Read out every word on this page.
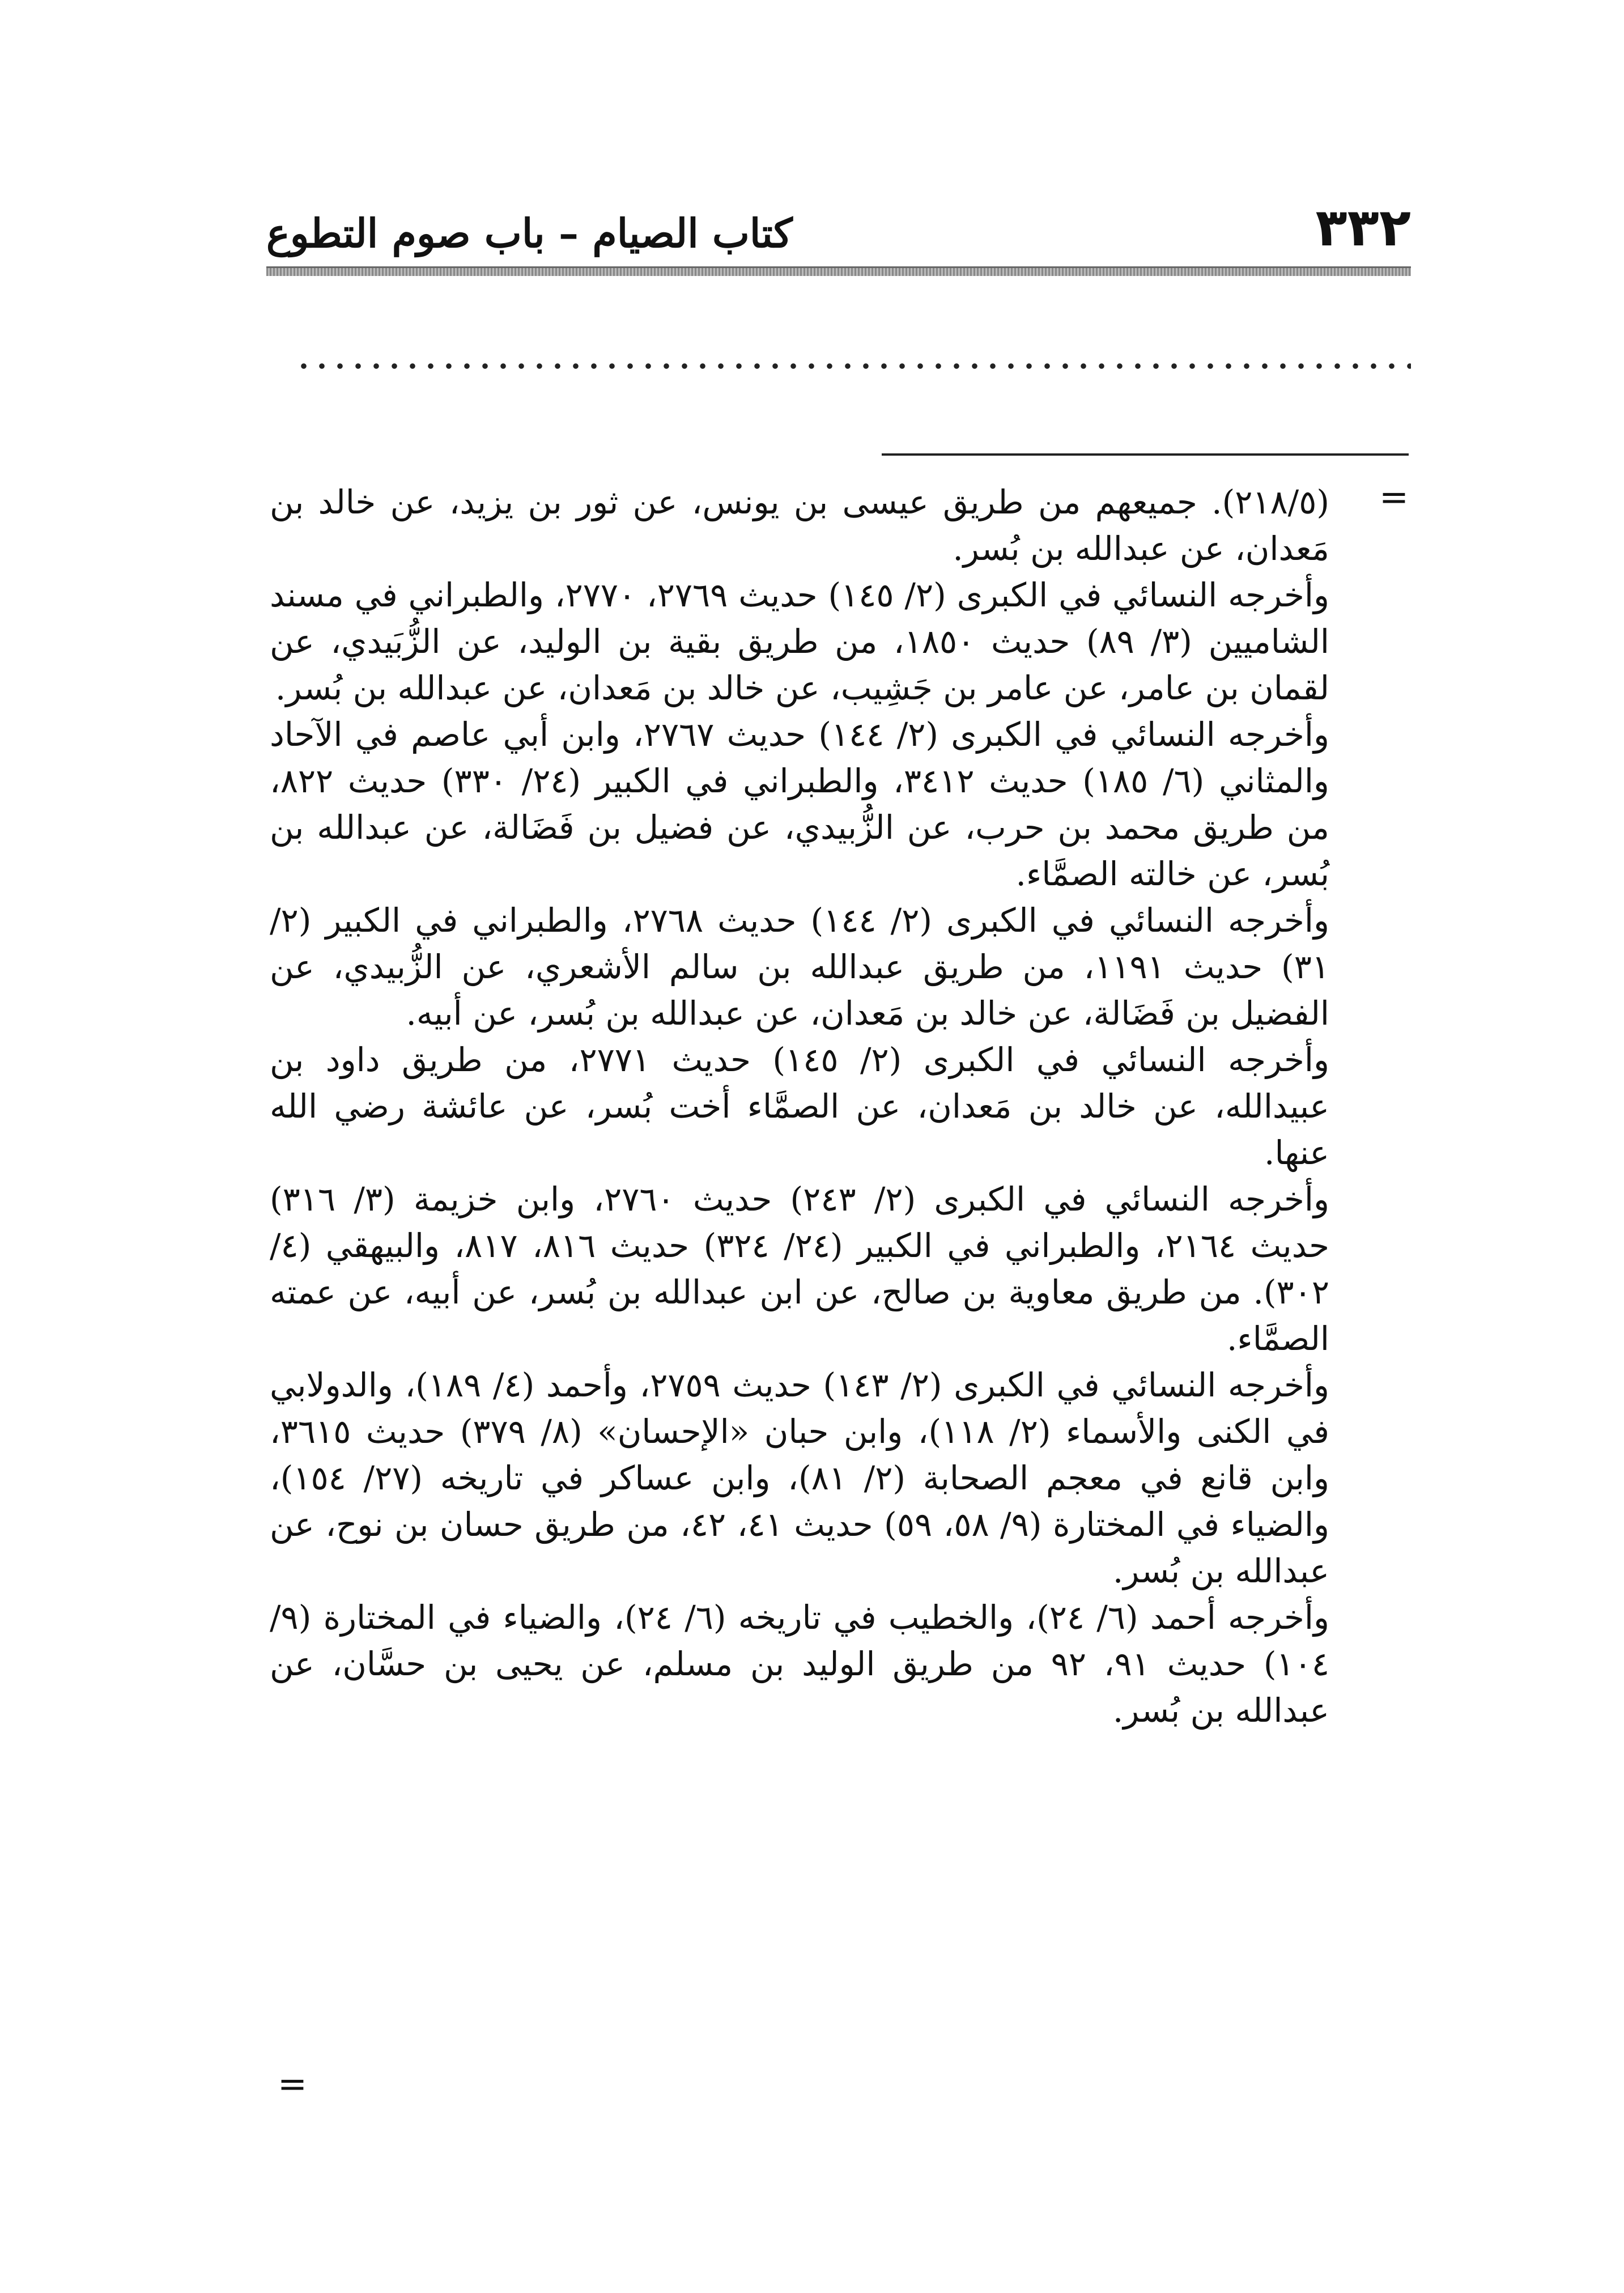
٣٣٢
كتاب الصيام – باب صوم التطوع
=

(٢١٨/٥). جميعهم من طريق عيسى بن يونس، عن ثور بن يزيد، عن خالد بن مَعدان، عن عبدالله بن بُسر.

وأخرجه النسائي في الكبرى (٢/ ١٤٥) حديث ٢٧٦٩، ٢٧٧٠، والطبراني في مسند الشاميين (٣/ ٨٩) حديث ١٨٥٠، من طريق بقية بن الوليد، عن الزُّبَيدي، عن لقمان بن عامر، عن عامر بن جَشِيب، عن خالد بن مَعدان، عن عبدالله بن بُسر.

وأخرجه النسائي في الكبرى (٢/ ١٤٤) حديث ٢٧٦٧، وابن أبي عاصم في الآحاد والمثاني (٦/ ١٨٥) حديث ٣٤١٢، والطبراني في الكبير (٢٤/ ٣٣٠) حديث ٨٢٢، من طريق محمد بن حرب، عن الزُّبيدي، عن فضيل بن فَضَالة، عن عبدالله بن بُسر، عن خالته الصمَّاء.

وأخرجه النسائي في الكبرى (٢/ ١٤٤) حديث ٢٧٦٨، والطبراني في الكبير (٢/ ٣١) حديث ١١٩١، من طريق عبدالله بن سالم الأشعري، عن الزُّبيدي، عن الفضيل بن فَضَالة، عن خالد بن مَعدان، عن عبدالله بن بُسر، عن أبيه.

وأخرجه النسائي في الكبرى (٢/ ١٤٥) حديث ٢٧٧١، من طريق داود بن عبيدالله، عن خالد بن مَعدان، عن الصمَّاء أخت بُسر، عن عائشة رضي الله عنها.

وأخرجه النسائي في الكبرى (٢/ ٢٤٣) حديث ٢٧٦٠، وابن خزيمة (٣/ ٣١٦) حديث ٢١٦٤، والطبراني في الكبير (٢٤/ ٣٢٤) حديث ٨١٦، ٨١٧، والبيهقي (٤/ ٣٠٢). من طريق معاوية بن صالح، عن ابن عبدالله بن بُسر، عن أبيه، عن عمته الصمَّاء.

وأخرجه النسائي في الكبرى (٢/ ١٤٣) حديث ٢٧٥٩، وأحمد (٤/ ١٨٩)، والدولابي في الكنى والأسماء (٢/ ١١٨)، وابن حبان «الإحسان» (٨/ ٣٧٩) حديث ٣٦١٥، وابن قانع في معجم الصحابة (٢/ ٨١)، وابن عساكر في تاريخه (٢٧/ ١٥٤)، والضياء في المختارة (٩/ ٥٨، ٥٩) حديث ٤١، ٤٢، من طريق حسان بن نوح، عن عبدالله بن بُسر.

وأخرجه أحمد (٦/ ٢٤)، والخطيب في تاريخه (٦/ ٢٤)، والضياء في المختارة (٩/ ١٠٤) حديث ٩١، ٩٢ من طريق الوليد بن مسلم، عن يحيى بن حسَّان، عن عبدالله بن بُسر.

=
